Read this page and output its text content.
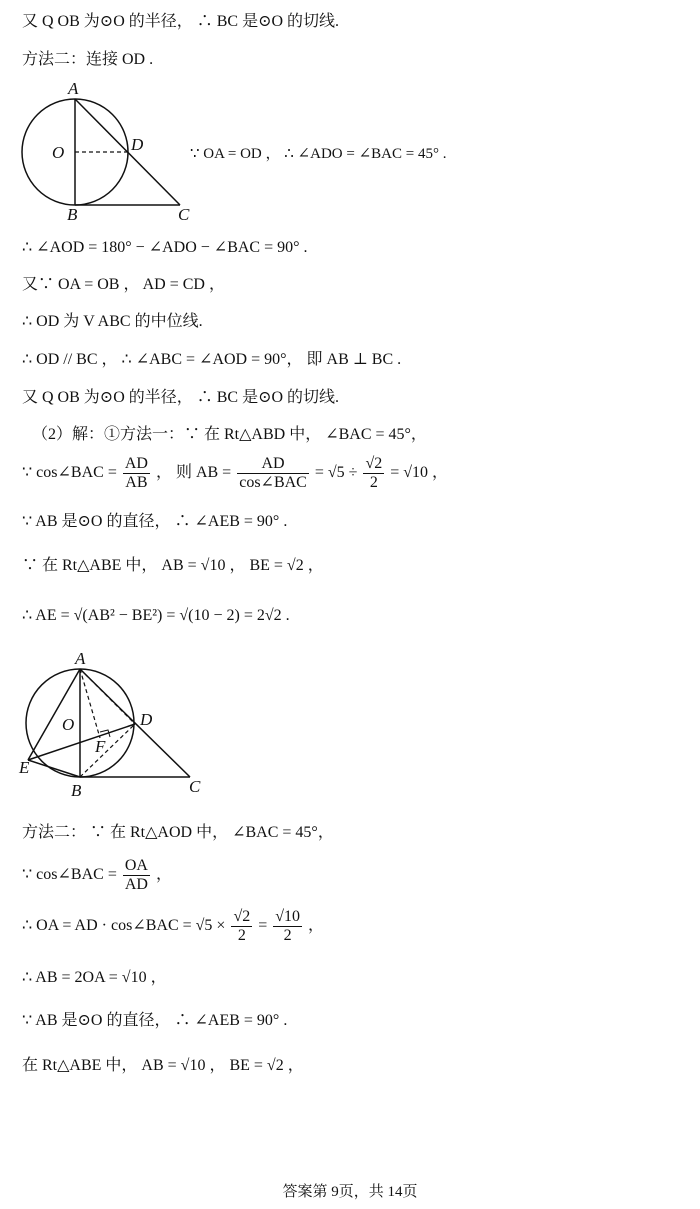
又 Q OB 为⊙O 的半径， ∴ BC 是⊙O 的切线.
方法二：连接 OD .
A
B	C
D
O	∵ OA = OD ， ∴ ∠ADO = ∠BAC = 45° .
∴ ∠AOD = 180° − ∠ADO − ∠BAC = 90° .
又∵ OA = OB ， AD = CD ，
∴ OD 为 V ABC 的中位线.
∴ OD // BC ， ∴ ∠ABC = ∠AOD = 90°， 即 AB ⊥ BC .
又 Q OB 为⊙O 的半径， ∴ BC 是⊙O 的切线.
（2）解：①方法一：∵ 在 Rt△ABD 中， ∠BAC = 45°，
∵ cos∠BAC = $\frac{AD}{AB}$ ， 则 AB = $\frac{AD}{\text{cos∠BAC}} = √5 \div \frac{√2}{2} = √10$ ，
∵ AB 是⊙O 的直径， ∴ ∠AEB = 90° .
∵ 在 Rt△ABE 中， AB = √10 ， BE = √2 ，
∴ AE = √(AB² − BE²) = √(10 − 2) = 2√2 .
A
B	C
D
O
E
F
方法二： ∵ 在 Rt△AOD 中， ∠BAC = 45°，
∵ cos∠BAC = $\frac{OA}{AD}$ ，
∴ OA = AD · cos∠BAC = $√5 \times \frac{√2}{2} = \frac{√10}{2}$ ，
∴ AB = 2OA = √10 ，
∵ AB 是⊙O 的直径， ∴ ∠AEB = 90° .
在 Rt△ABE 中， AB = √10 ， BE = √2 ，
答案第 9页，共 14页
